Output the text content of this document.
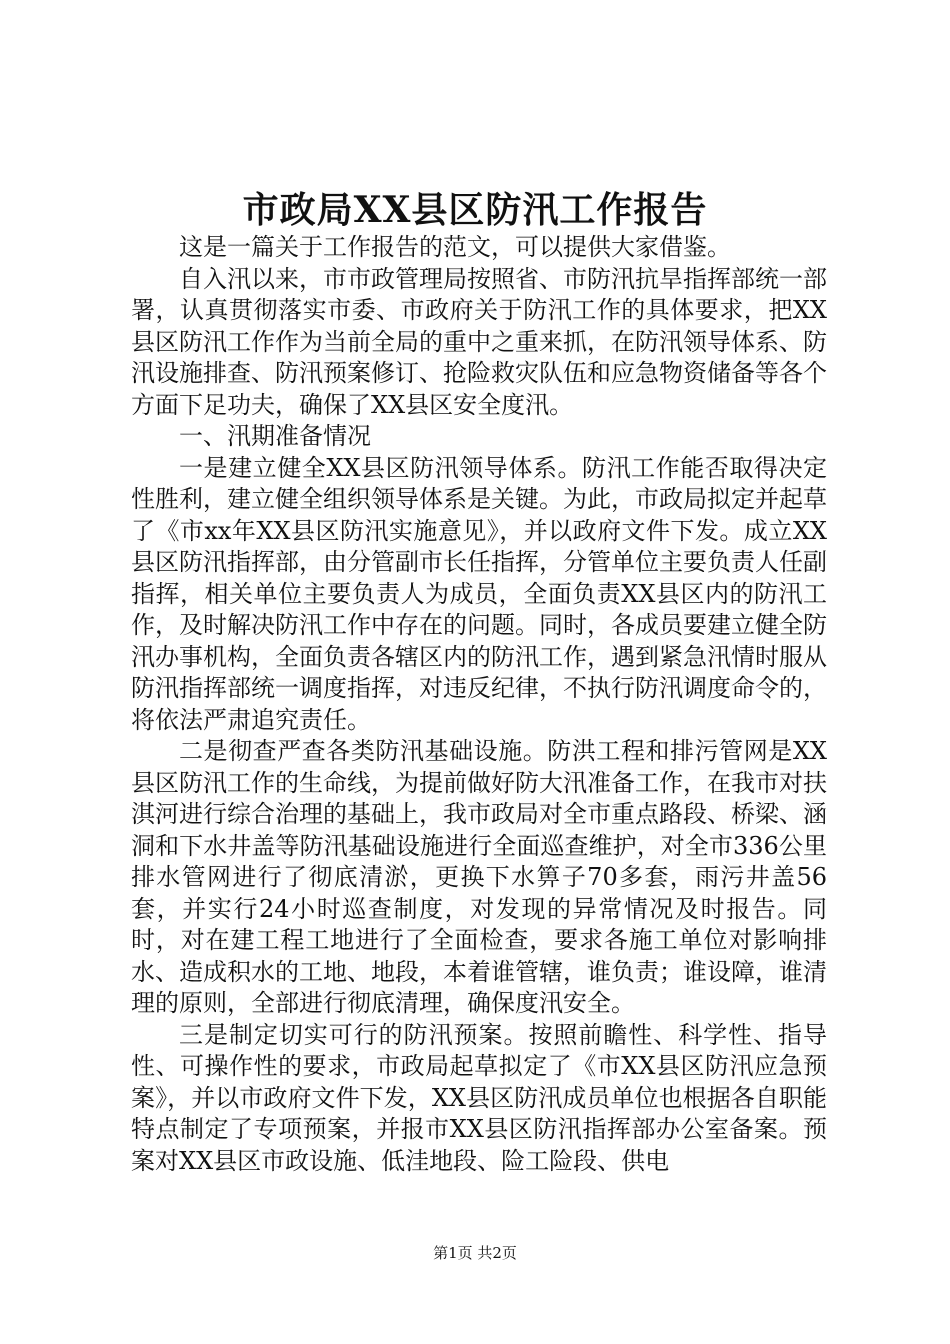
市政局XX县区防汛工作报告

这是一篇关于工作报告的范文，可以提供大家借鉴。

自入汛以来，市市政管理局按照省、市防汛抗旱指挥部统一部署，认真贯彻落实市委、市政府关于防汛工作的具体要求，把XX县区防汛工作作为当前全局的重中之重来抓，在防汛领导体系、防汛设施排查、防汛预案修订、抢险救灾队伍和应急物资储备等各个方面下足功夫，确保了XX县区安全度汛。

一、汛期准备情况

一是建立健全XX县区防汛领导体系。防汛工作能否取得决定性胜利，建立健全组织领导体系是关键。为此，市政局拟定并起草了《市xx年XX县区防汛实施意见》，并以政府文件下发。成立XX县区防汛指挥部，由分管副市长任指挥，分管单位主要负责人任副指挥，相关单位主要负责人为成员，全面负责XX县区内的防汛工作，及时解决防汛工作中存在的问题。同时，各成员要建立健全防汛办事机构，全面负责各辖区内的防汛工作，遇到紧急汛情时服从防汛指挥部统一调度指挥，对违反纪律，不执行防汛调度命令的，将依法严肃追究责任。

二是彻查严查各类防汛基础设施。防洪工程和排污管网是XX县区防汛工作的生命线，为提前做好防大汛准备工作，在我市对扶淇河进行综合治理的基础上，我市政局对全市重点路段、桥梁、涵洞和下水井盖等防汛基础设施进行全面巡查维护，对全市336公里排水管网进行了彻底清淤，更换下水箅子70多套，雨污井盖56套，并实行24小时巡查制度，对发现的异常情况及时报告。同时，对在建工程工地进行了全面检查，要求各施工单位对影响排水、造成积水的工地、地段，本着谁管辖，谁负责；谁设障，谁清理的原则，全部进行彻底清理，确保度汛安全。

三是制定切实可行的防汛预案。按照前瞻性、科学性、指导性、可操作性的要求，市政局起草拟定了《市XX县区防汛应急预案》，并以市政府文件下发，XX县区防汛成员单位也根据各自职能特点制定了专项预案，并报市XX县区防汛指挥部办公室备案。预案对XX县区市政设施、低洼地段、险工险段、供电

第1页 共2页
